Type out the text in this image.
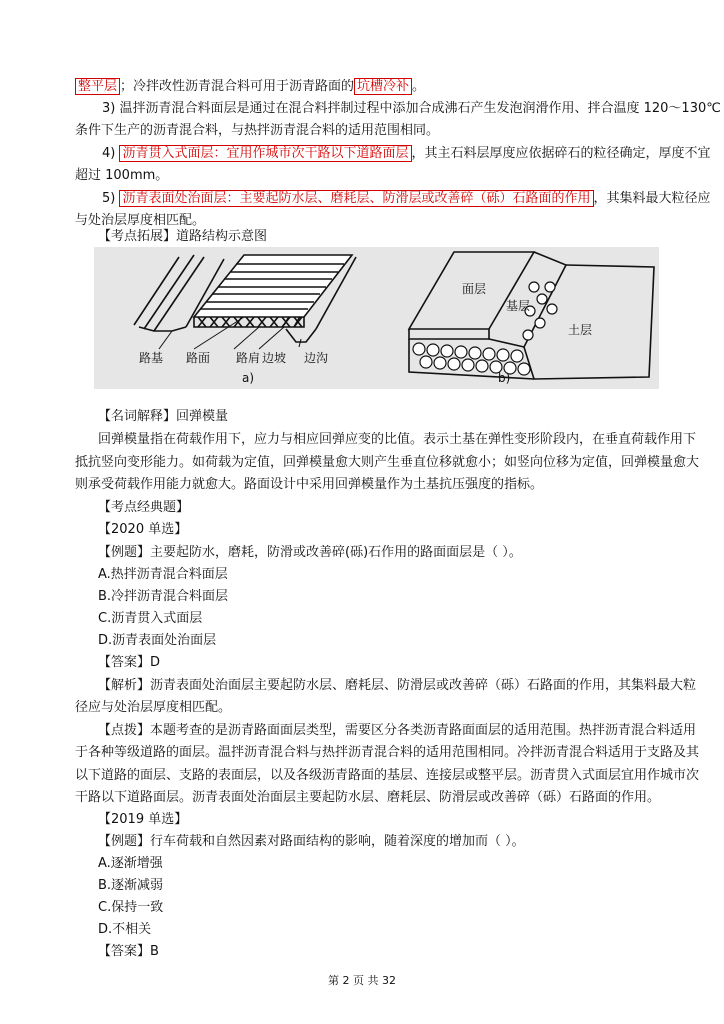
整平层 ；冷拌改性沥青混合料可用于沥青路面的 坑槽冷补 。
3) 温拌沥青混合料面层是通过在混合料拌制过程中添加合成沸石产生发泡润滑作用、拌合温度 120～130℃
条件下生产的沥青混合料，与热拌沥青混合料的适用范围相同。
4) 沥青贯入式面层：宜用作城市次干路以下道路面层 ，其主石料层厚度应依据碎石的粒径确定，厚度不宜
超过 100mm。
5) 沥青表面处治面层：主要起防水层、磨耗层、防滑层或改善碎（砾）石路面的作用 ，其集料最大粒径应
与处治层厚度相匹配。
【考点拓展】道路结构示意图
路基 路面 路肩 边坡 边沟
a)
面层
基层
土层
b)
【名词解释】回弹模量
回弹模量指在荷载作用下，应力与相应回弹应变的比值。表示土基在弹性变形阶段内，在垂直荷载作用下
抵抗竖向变形能力。如荷载为定值，回弹模量愈大则产生垂直位移就愈小；如竖向位移为定值，回弹模量愈大
则承受荷载作用能力就愈大。路面设计中采用回弹模量作为土基抗压强度的指标。
【考点经典题】
【2020 单选】
【例题】主要起防水，磨耗，防滑或改善碎(砾)石作用的路面面层是（ ）。
A.热拌沥青混合料面层
B.冷拌沥青混合料面层
C.沥青贯入式面层
D.沥青表面处治面层
【答案】D
【解析】沥青表面处治面层主要起防水层、磨耗层、防滑层或改善碎（砾）石路面的作用，其集料最大粒
径应与处治层厚度相匹配。
【点拨】本题考查的是沥青路面面层类型，需要区分各类沥青路面面层的适用范围。热拌沥青混合料适用
于各种等级道路的面层。温拌沥青混合料与热拌沥青混合料的适用范围相同。冷拌沥青混合料适用于支路及其
以下道路的面层、支路的表面层，以及各级沥青路面的基层、连接层或整平层。沥青贯入式面层宜用作城市次
干路以下道路面层。沥青表面处治面层主要起防水层、磨耗层、防滑层或改善碎（砾）石路面的作用。
【2019 单选】
【例题】行车荷载和自然因素对路面结构的影响，随着深度的增加而（ ）。
A.逐渐增强
B.逐渐减弱
C.保持一致
D.不相关
【答案】B
第 2 页 共 32
